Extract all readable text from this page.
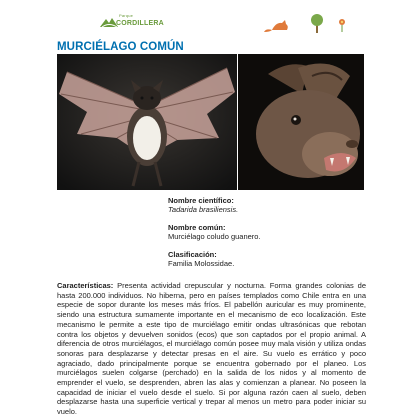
Parque
CORDILLERA
MURCIÉLAGO COMÚN
Nombre científico:
Tadarida brasiliensis.
Nombre común:
Murciélago coludo guanero.
Clasificación:
Familia Molossidae.
Características: Presenta actividad crepuscular y nocturna. Forma grandes colonias de hasta 200.000 individuos. No hiberna, pero en países templados como Chile entra en una especie de sopor durante los meses más fríos. El pabellón auricular es muy prominente, siendo una estructura sumamente importante en el mecanismo de eco localización. Este mecanismo le permite a este tipo de murciélago emitir ondas ultrasónicas que rebotan contra los objetos y devuelven sonidos (ecos) que son captados por el propio animal. A diferencia de otros murciélagos, el murciélago común posee muy mala visión y utiliza ondas sonoras para desplazarse y detectar presas en el aire. Su vuelo es errático y poco agraciado, dado principalmente porque se encuentra gobernado por el planeo. Los murciélagos suelen colgarse (perchado) en la salida de los nidos y al momento de emprender el vuelo, se desprenden, abren las alas y comienzan a planear. No poseen la capacidad de iniciar el vuelo desde el suelo. Si por alguna razón caen al suelo, deben desplazarse hasta una superficie vertical y trepar al menos un metro para poder iniciar su vuelo.
